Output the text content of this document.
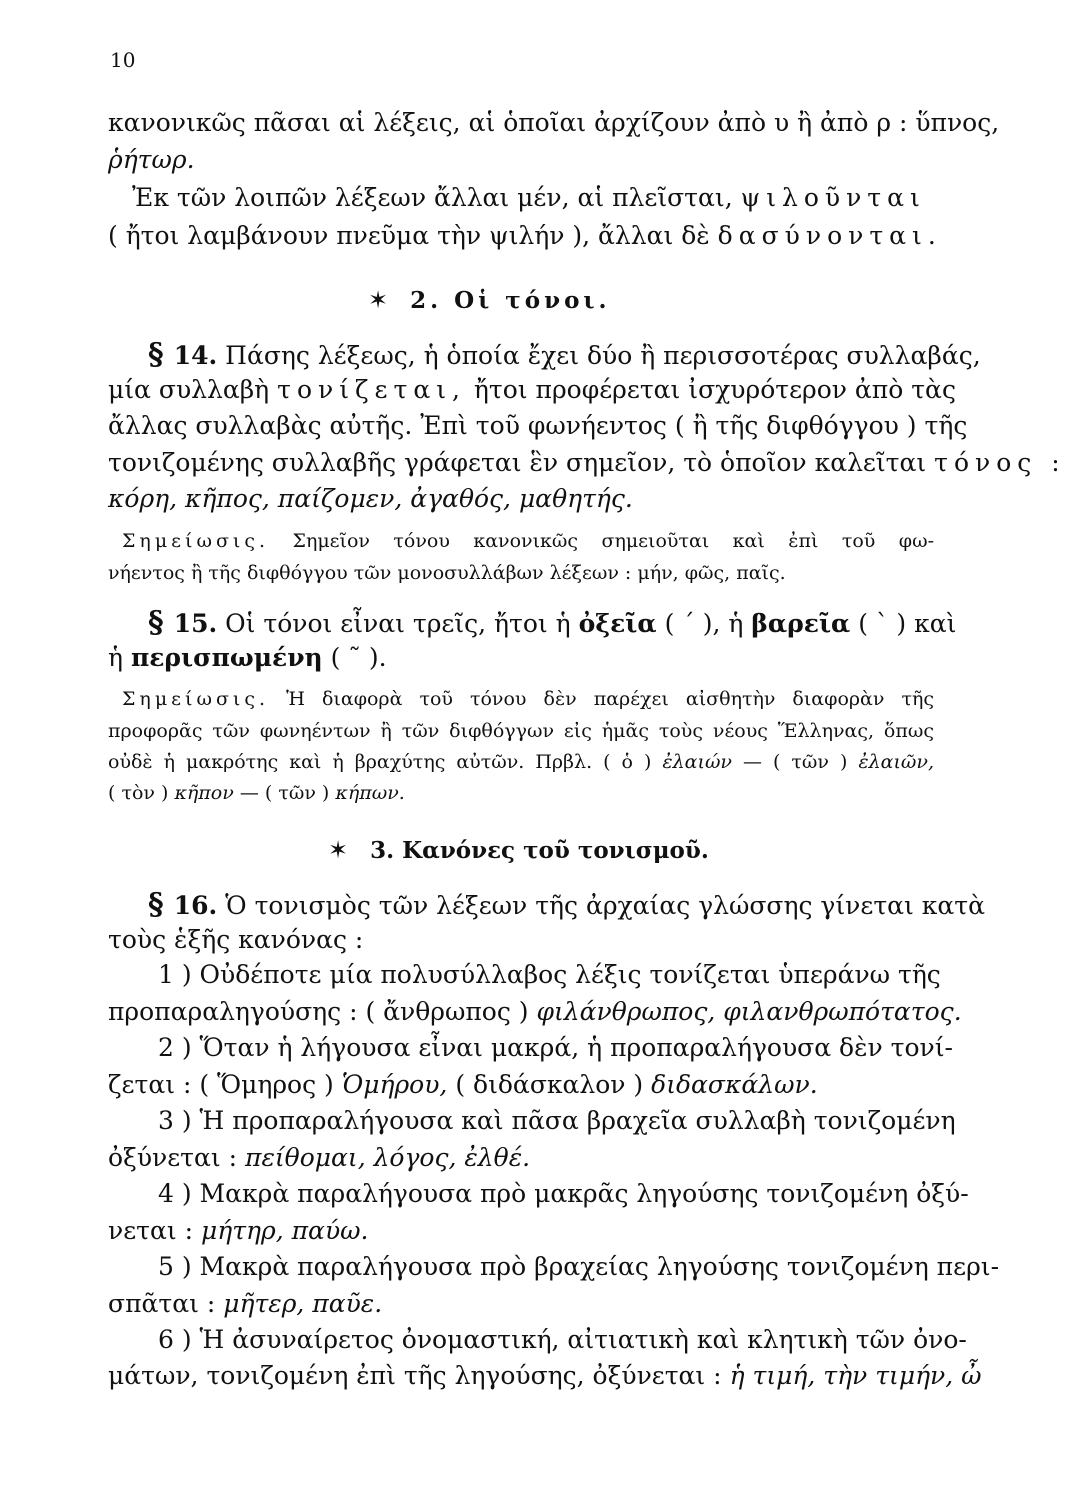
10
κανονικῶς πᾶσαι αἱ λέξεις, αἱ ὁποῖαι ἀρχίζουν ἀπὸ υ ἢ ἀπὸ ρ : ὕπνος,
ῥήτωρ.
Ἐκ τῶν λοιπῶν λέξεων ἄλλαι μέν, αἱ πλεῖσται, ψιλοῦνται
( ἤτοι λαμβάνουν πνεῦμα τὴν ψιλήν ), ἄλλαι δὲ δασύνονται.
✶ 2. Οἱ τόνοι.
§ 14. Πάσης λέξεως, ἡ ὁποία ἔχει δύο ἢ περισσοτέρας συλλαβάς,
μία συλλαβὴ τονίζεται, ἤτοι προφέρεται ἰσχυρότερον ἀπὸ τὰς
ἄλλας συλλαβὰς αὐτῆς. Ἐπὶ τοῦ φωνήεντος ( ἢ τῆς διφθόγγου ) τῆς
τονιζομένης συλλαβῆς γράφεται ἓν σημεῖον, τὸ ὁποῖον καλεῖται τόνος :
κόρη, κῆπος, παίζομεν, ἀγαθός, μαθητής.
Σημείωσις. Σημεῖον τόνου κανονικῶς σημειοῦται καὶ ἐπὶ τοῦ φω-
νήεντος ἢ τῆς διφθόγγου τῶν μονοσυλλάβων λέξεων : μήν, φῶς, παῖς.
§ 15. Οἱ τόνοι εἶναι τρεῖς, ἤτοι ἡ ὀξεῖα ( ΄ ), ἡ βαρεῖα ( ` ) καὶ
ἡ περισπωμένη ( ῀ ).
Σημείωσις. Ἡ διαφορὰ τοῦ τόνου δὲν παρέχει αἰσθητὴν διαφορὰν τῆς
προφορᾶς τῶν φωνηέντων ἢ τῶν διφθόγγων εἰς ἡμᾶς τοὺς νέους Ἕλληνας, ὅπως
οὐδὲ ἡ μακρότης καὶ ἡ βραχύτης αὐτῶν. Πρβλ. ( ὁ ) ἐλαιών — ( τῶν ) ἐλαιῶν,
( τὸν ) κῆπον — ( τῶν ) κήπων.
✶ 3. Κανόνες τοῦ τονισμοῦ.
§ 16. Ὁ τονισμὸς τῶν λέξεων τῆς ἀρχαίας γλώσσης γίνεται κατὰ
τοὺς ἑξῆς κανόνας :
1 ) Οὐδέποτε μία πολυσύλλαβος λέξις τονίζεται ὑπεράνω τῆς
προπαραληγούσης : ( ἄνθρωπος ) φιλάνθρωπος, φιλανθρωπότατος.
2 ) Ὅταν ἡ λήγουσα εἶναι μακρά, ἡ προπαραλήγουσα δὲν τονί-
ζεται : ( Ὅμηρος ) Ὁμήρου, ( διδάσκαλον ) διδασκάλων.
3 ) Ἡ προπαραλήγουσα καὶ πᾶσα βραχεῖα συλλαβὴ τονιζομένη
ὀξύνεται : πείθομαι, λόγος, ἐλθέ.
4 ) Μακρὰ παραλήγουσα πρὸ μακρᾶς ληγούσης τονιζομένη ὀξύ-
νεται : μήτηρ, παύω.
5 ) Μακρὰ παραλήγουσα πρὸ βραχείας ληγούσης τονιζομένη περι-
σπᾶται : μῆτερ, παῦε.
6 ) Ἡ ἀσυναίρετος ὀνομαστική, αἰτιατικὴ καὶ κλητικὴ τῶν ὀνο-
μάτων, τονιζομένη ἐπὶ τῆς ληγούσης, ὀξύνεται : ἡ τιμή, τὴν τιμήν, ὦ
